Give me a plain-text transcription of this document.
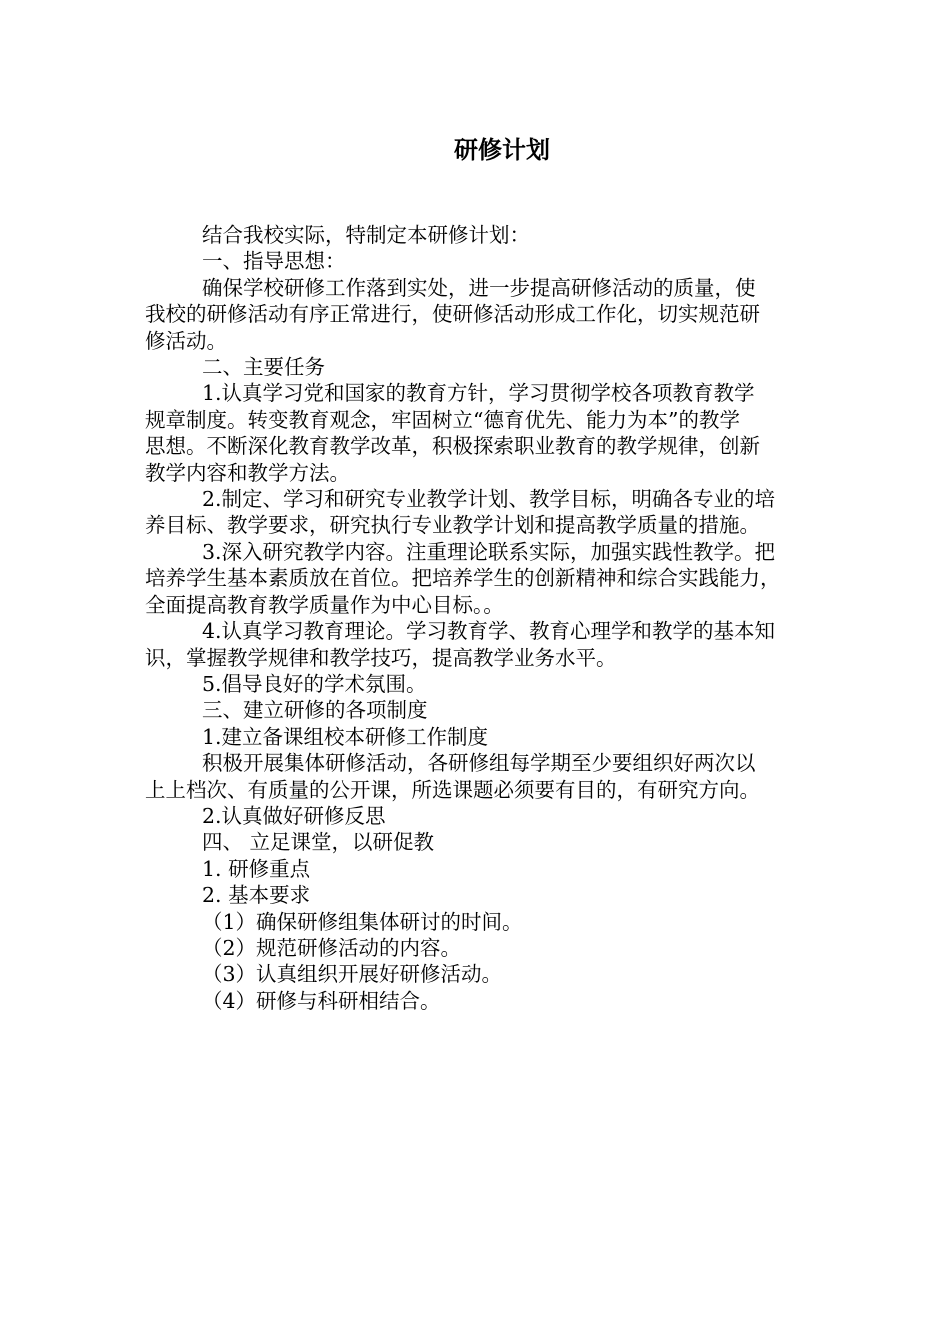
研修计划

结合我校实际，特制定本研修计划：

一、指导思想：

确保学校研修工作落到实处，进一步提高研修活动的质量，使

我校的研修活动有序正常进行，使研修活动形成工作化，切实规范研

修活动。

二、主要任务

1.认真学习党和国家的教育方针，学习贯彻学校各项教育教学

规章制度。转变教育观念，牢固树立“德育优先、能力为本”的教学

思想。不断深化教育教学改革，积极探索职业教育的教学规律，创新

教学内容和教学方法。

2.制定、学习和研究专业教学计划、教学目标，明确各专业的培

养目标、教学要求，研究执行专业教学计划和提高教学质量的措施。

3.深入研究教学内容。注重理论联系实际，加强实践性教学。把

培养学生基本素质放在首位。把培养学生的创新精神和综合实践能力，

全面提高教育教学质量作为中心目标。。

4.认真学习教育理论。学习教育学、教育心理学和教学的基本知

识，掌握教学规律和教学技巧，提高教学业务水平。

5.倡导良好的学术氛围。

三、建立研修的各项制度

1.建立备课组校本研修工作制度

积极开展集体研修活动，各研修组每学期至少要组织好两次以

上上档次、有质量的公开课，所选课题必须要有目的，有研究方向。

2.认真做好研修反思

四、 立足课堂，以研促教

1. 研修重点

2. 基本要求

（1）确保研修组集体研讨的时间。

（2）规范研修活动的内容。

（3）认真组织开展好研修活动。

（4）研修与科研相结合。
